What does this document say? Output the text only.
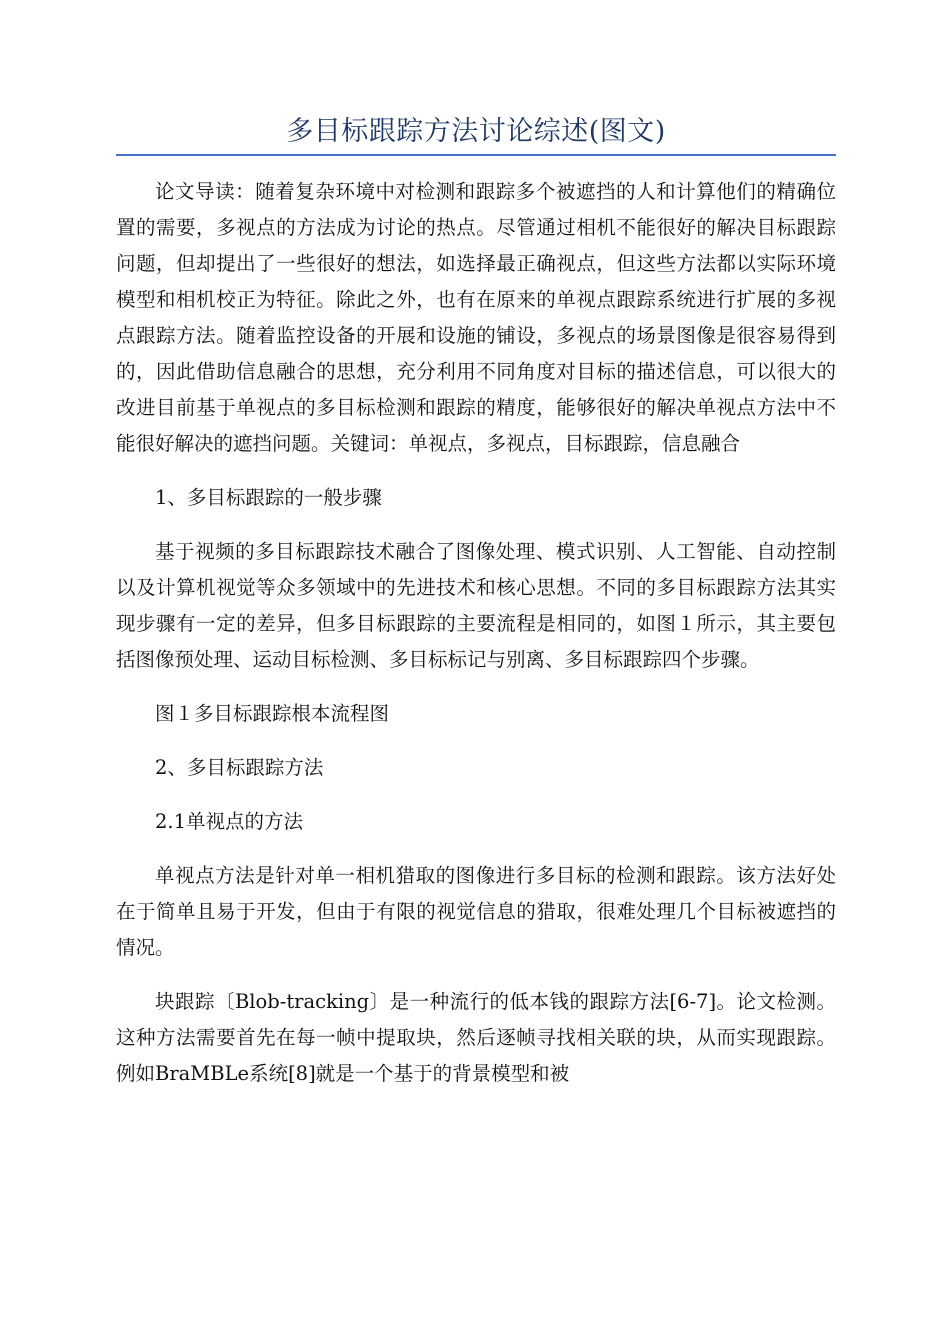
多目标跟踪方法讨论综述(图文)

论文导读：随着复杂环境中对检测和跟踪多个被遮挡的人和计算他们的精确位置的需要，多视点的方法成为讨论的热点。尽管通过相机不能很好的解决目标跟踪问题，但却提出了一些很好的想法，如选择最正确视点，但这些方法都以实际环境模型和相机校正为特征。除此之外，也有在原来的单视点跟踪系统进行扩展的多视点跟踪方法。随着监控设备的开展和设施的铺设，多视点的场景图像是很容易得到的，因此借助信息融合的思想，充分利用不同角度对目标的描述信息，可以很大的改进目前基于单视点的多目标检测和跟踪的精度，能够很好的解决单视点方法中不能很好解决的遮挡问题。关键词：单视点，多视点，目标跟踪，信息融合

1、多目标跟踪的一般步骤

基于视频的多目标跟踪技术融合了图像处理、模式识别、人工智能、自动控制以及计算机视觉等众多领域中的先进技术和核心思想。不同的多目标跟踪方法其实现步骤有一定的差异，但多目标跟踪的主要流程是相同的，如图１所示，其主要包括图像预处理、运动目标检测、多目标标记与别离、多目标跟踪四个步骤。

图１多目标跟踪根本流程图

2、多目标跟踪方法

2.1单视点的方法

单视点方法是针对单一相机猎取的图像进行多目标的检测和跟踪。该方法好处在于简单且易于开发，但由于有限的视觉信息的猎取，很难处理几个目标被遮挡的情况。

块跟踪〔Blob-tracking〕是一种流行的低本钱的跟踪方法[6-7]。论文检测。这种方法需要首先在每一帧中提取块，然后逐帧寻找相关联的块，从而实现跟踪。例如BraMBLe系统[8]就是一个基于的背景模型和被
